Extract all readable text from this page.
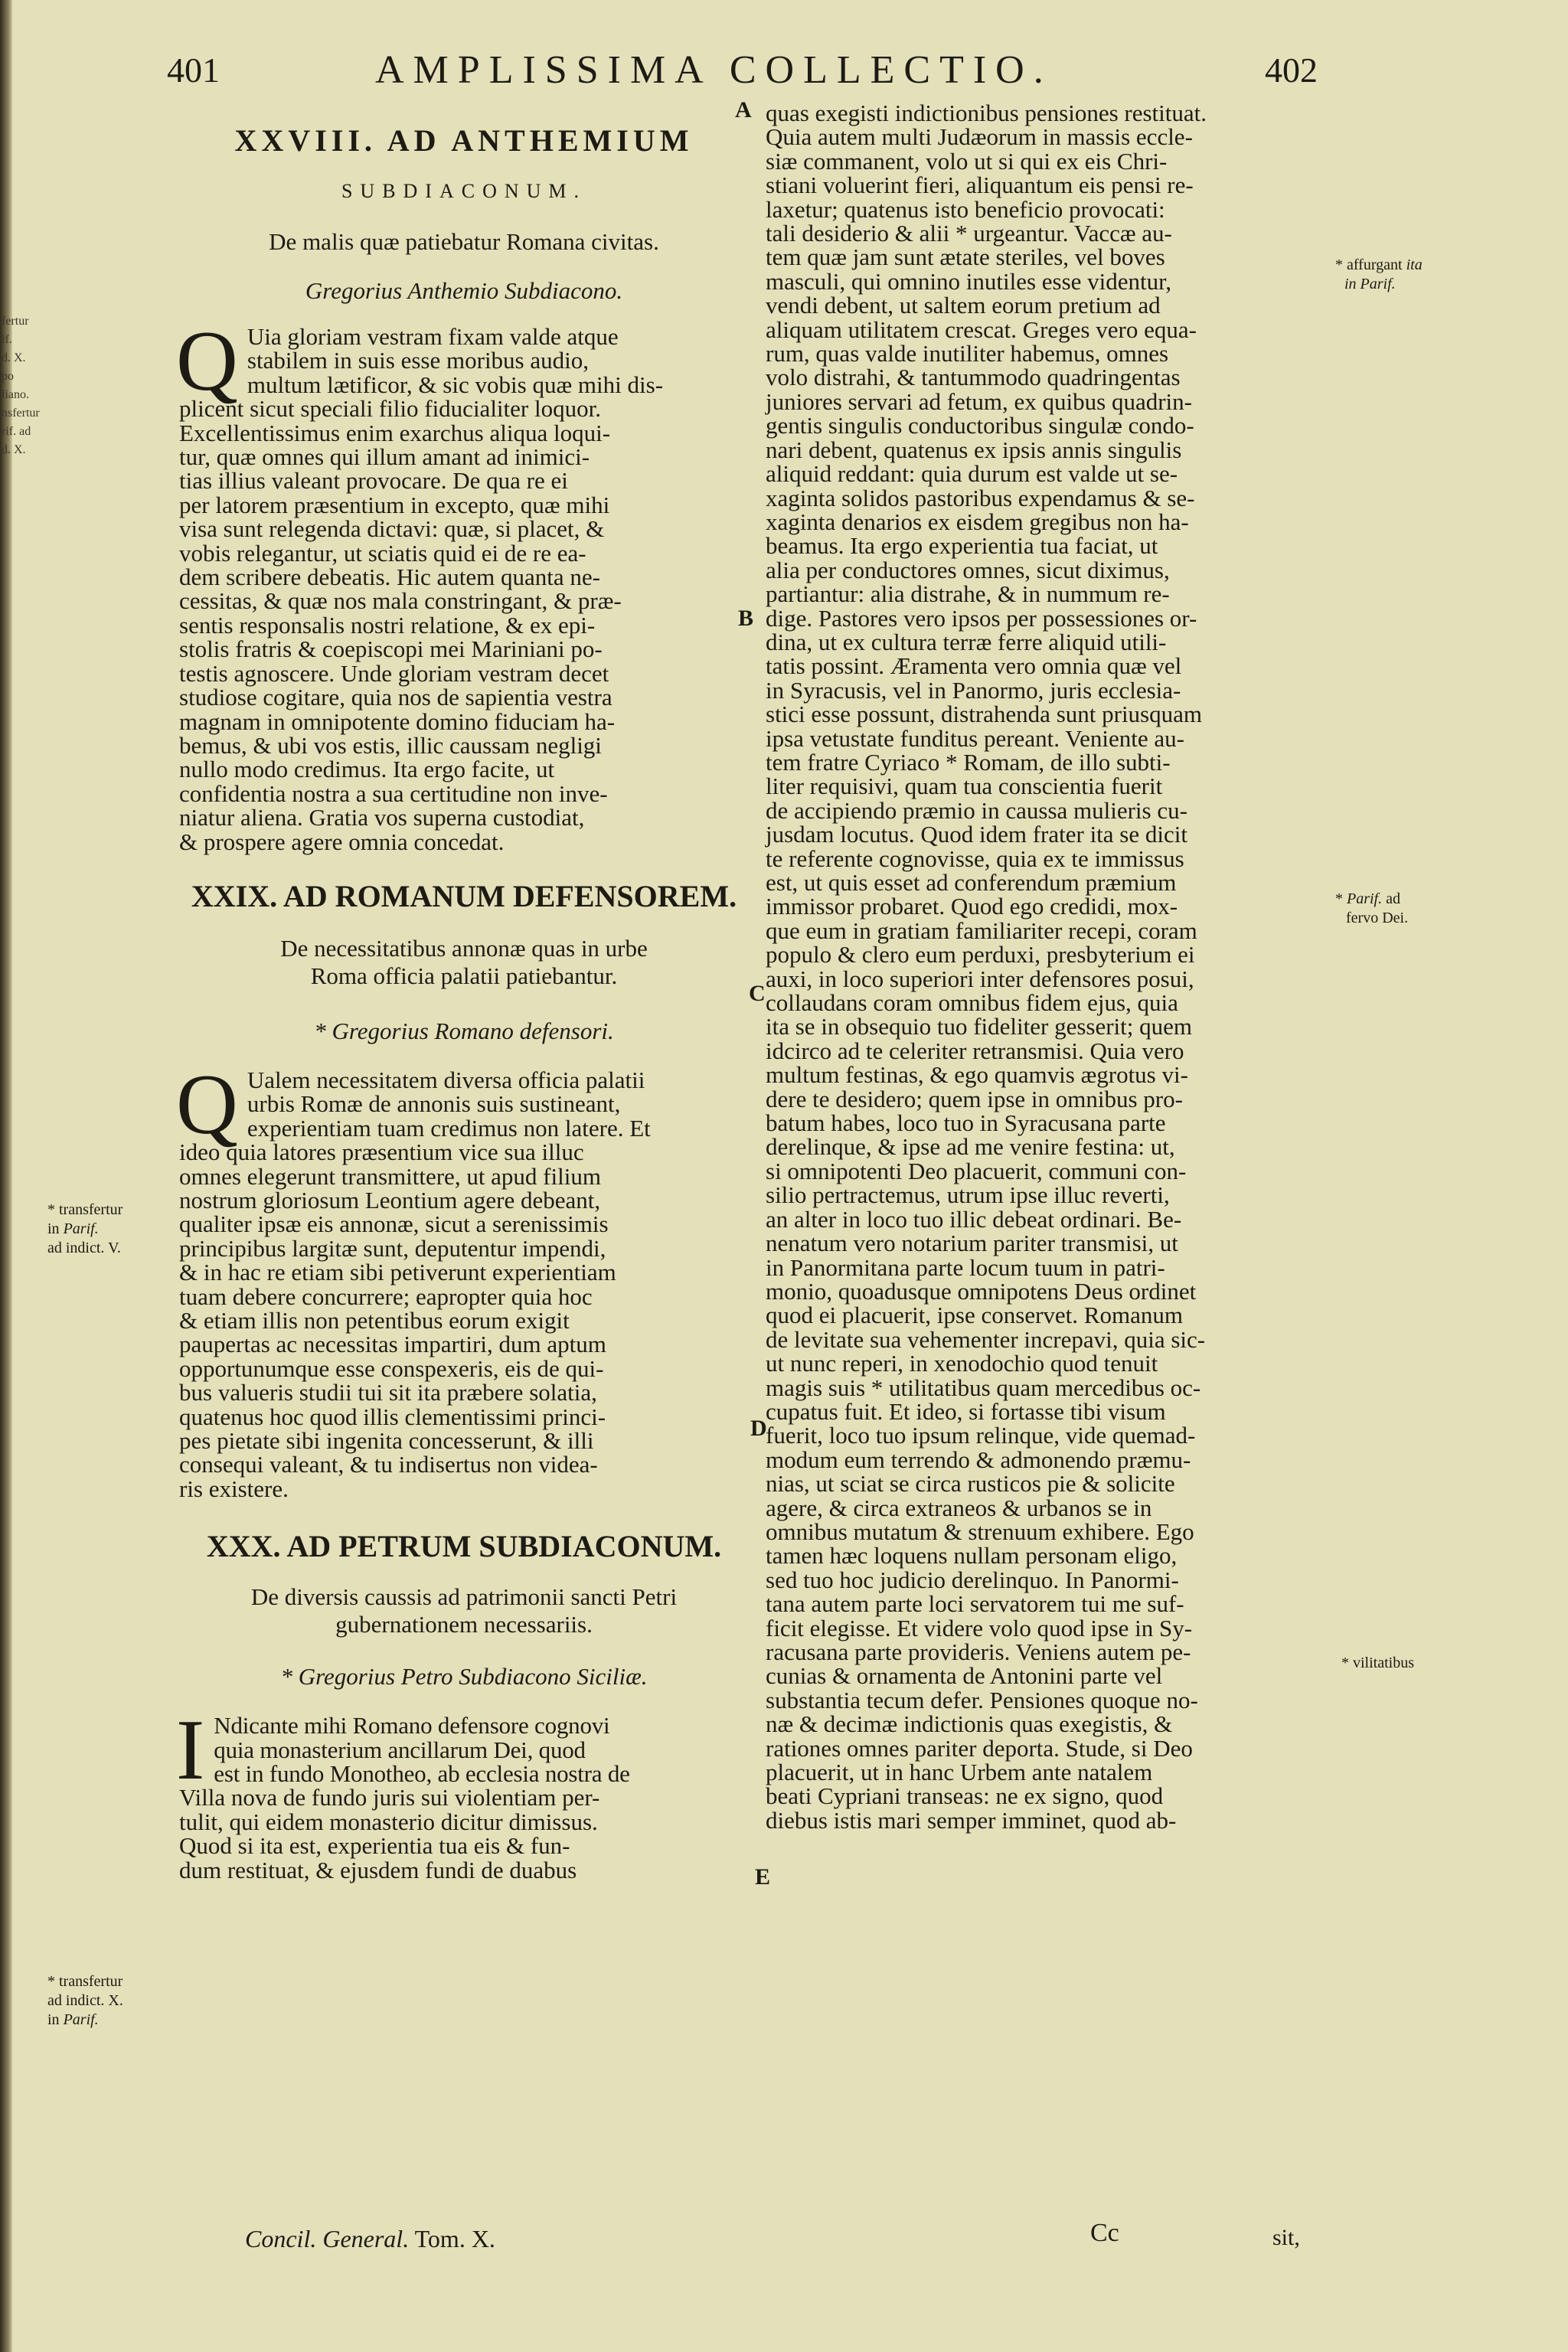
fertur
if.
d. X.
po
liano.
nsfertur
rif. ad
d. X.
401	AMPLISSIMA COLLECTIO.	402
XXVIII. AD ANTHEMIUM

SUBDIACONUM.

De malis quæ patiebatur Romana civitas.

Gregorius Anthemio Subdiacono.

Q Uia gloriam vestram fixam valde atque
stabilem in suis esse moribus audio,
multum lætificor, & sic vobis quæ mihi dis-
plicent sicut speciali filio fiducialiter loquor.
Excellentissimus enim exarchus aliqua loqui-
tur, quæ omnes qui illum amant ad inimici-
tias illius valeant provocare. De qua re ei
per latorem præsentium in excepto, quæ mihi
visa sunt relegenda dictavi: quæ, si placet, &
vobis relegantur, ut sciatis quid ei de re ea-
dem scribere debeatis. Hic autem quanta ne-
cessitas, & quæ nos mala constringant, & præ-
sentis responsalis nostri relatione, & ex epi-
stolis fratris & coepiscopi mei Mariniani po-
testis agnoscere. Unde gloriam vestram decet
studiose cogitare, quia nos de sapientia vestra
magnam in omnipotente domino fiduciam ha-
bemus, & ubi vos estis, illic caussam negligi
nullo modo credimus. Ita ergo facite, ut
confidentia nostra a sua certitudine non inve-
niatur aliena. Gratia vos superna custodiat,
& prospere agere omnia concedat.
XXIX. AD ROMANUM DEFENSOREM.

De necessitatibus annonæ quas in urbe

Roma officia palatii patiebantur.

* Gregorius Romano defensori.

Q Ualem necessitatem diversa officia palatii
urbis Romæ de annonis suis sustineant,
experientiam tuam credimus non latere. Et
ideo quia latores præsentium vice sua illuc
omnes elegerunt transmittere, ut apud filium
nostrum gloriosum Leontium agere debeant,
qualiter ipsæ eis annonæ, sicut a serenissimis
principibus largitæ sunt, deputentur impendi,
& in hac re etiam sibi petiverunt experientiam
tuam debere concurrere; eapropter quia hoc
& etiam illis non petentibus eorum exigit
paupertas ac necessitas impartiri, dum aptum
opportunumque esse conspexeris, eis de qui-
bus valueris studii tui sit ita præbere solatia,
quatenus hoc quod illis clementissimi princi-
pes pietate sibi ingenita concesserunt, & illi
consequi valeant, & tu indisertus non videa-
ris existere.
XXX. AD PETRUM SUBDIACONUM.

De diversis caussis ad patrimonii sancti Petri

gubernationem necessariis.

* Gregorius Petro Subdiacono Siciliæ.

I Ndicante mihi Romano defensore cognovi
quia monasterium ancillarum Dei, quod
est in fundo Monotheo, ab ecclesia nostra de
Villa nova de fundo juris sui violentiam per-
tulit, qui eidem monasterio dicitur dimissus.
Quod si ita est, experientia tua eis & fun-
dum restituat, & ejusdem fundi de duabus
quas exegisti indictionibus pensiones restituat.
Quia autem multi Judæorum in massis eccle-
siæ commanent, volo ut si qui ex eis Chri-
stiani voluerint fieri, aliquantum eis pensi re-
laxetur; quatenus isto beneficio provocati:
tali desiderio & alii * urgeantur. Vaccæ au-
tem quæ jam sunt ætate steriles, vel boves
masculi, qui omnino inutiles esse videntur,
vendi debent, ut saltem eorum pretium ad
aliquam utilitatem crescat. Greges vero equa-
rum, quas valde inutiliter habemus, omnes
volo distrahi, & tantummodo quadringentas
juniores servari ad fetum, ex quibus quadrin-
gentis singulis conductoribus singulæ condo-
nari debent, quatenus ex ipsis annis singulis
aliquid reddant: quia durum est valde ut se-
xaginta solidos pastoribus expendamus & se-
xaginta denarios ex eisdem gregibus non ha-
beamus. Ita ergo experientia tua faciat, ut
alia per conductores omnes, sicut diximus,
partiantur: alia distrahe, & in nummum re-
dige. Pastores vero ipsos per possessiones or-
dina, ut ex cultura terræ ferre aliquid utili-
tatis possint. Æramenta vero omnia quæ vel
in Syracusis, vel in Panormo, juris ecclesia-
stici esse possunt, distrahenda sunt priusquam
ipsa vetustate funditus pereant. Veniente au-
tem fratre Cyriaco * Romam, de illo subti-
liter requisivi, quam tua conscientia fuerit
de accipiendo præmio in caussa mulieris cu-
jusdam locutus. Quod idem frater ita se dicit
te referente cognovisse, quia ex te immissus
est, ut quis esset ad conferendum præmium
immissor probaret. Quod ego credidi, mox-
que eum in gratiam familiariter recepi, coram
populo & clero eum perduxi, presbyterium ei
auxi, in loco superiori inter defensores posui,
collaudans coram omnibus fidem ejus, quia
ita se in obsequio tuo fideliter gesserit; quem
idcirco ad te celeriter retransmisi. Quia vero
multum festinas, & ego quamvis ægrotus vi-
dere te desidero; quem ipse in omnibus pro-
batum habes, loco tuo in Syracusana parte
derelinque, & ipse ad me venire festina: ut,
si omnipotenti Deo placuerit, communi con-
silio pertractemus, utrum ipse illuc reverti,
an alter in loco tuo illic debeat ordinari. Be-
nenatum vero notarium pariter transmisi, ut
in Panormitana parte locum tuum in patri-
monio, quoadusque omnipotens Deus ordinet
quod ei placuerit, ipse conservet. Romanum
de levitate sua vehementer increpavi, quia sic-
ut nunc reperi, in xenodochio quod tenuit
magis suis * utilitatibus quam mercedibus oc-
cupatus fuit. Et ideo, si fortasse tibi visum
fuerit, loco tuo ipsum relinque, vide quemad-
modum eum terrendo & admonendo præmu-
nias, ut sciat se circa rusticos pie & solicite
agere, & circa extraneos & urbanos se in
omnibus mutatum & strenuum exhibere. Ego
tamen hæc loquens nullam personam eligo,
sed tuo hoc judicio derelinquo. In Panormi-
tana autem parte loci servatorem tui me suf-
ficit elegisse. Et videre volo quod ipse in Sy-
racusana parte provideris. Veniens autem pe-
cunias & ornamenta de Antonini parte vel
substantia tecum defer. Pensiones quoque no-
næ & decimæ indictionis quas exegistis, &
rationes omnes pariter deporta. Stude, si Deo
placuerit, ut in hanc Urbem ante natalem
beati Cypriani transeas: ne ex signo, quod
diebus istis mari semper imminet, quod ab-
A
B
C
D
E
* transfertur
in Parif.
ad indict. V.
* transfertur
ad indict. X.
in Parif.
* affurgant ita
in Parif.
* Parif. ad
fervo Dei.
* vilitatibus
Concil. General. Tom. X.	Cc	sit,
